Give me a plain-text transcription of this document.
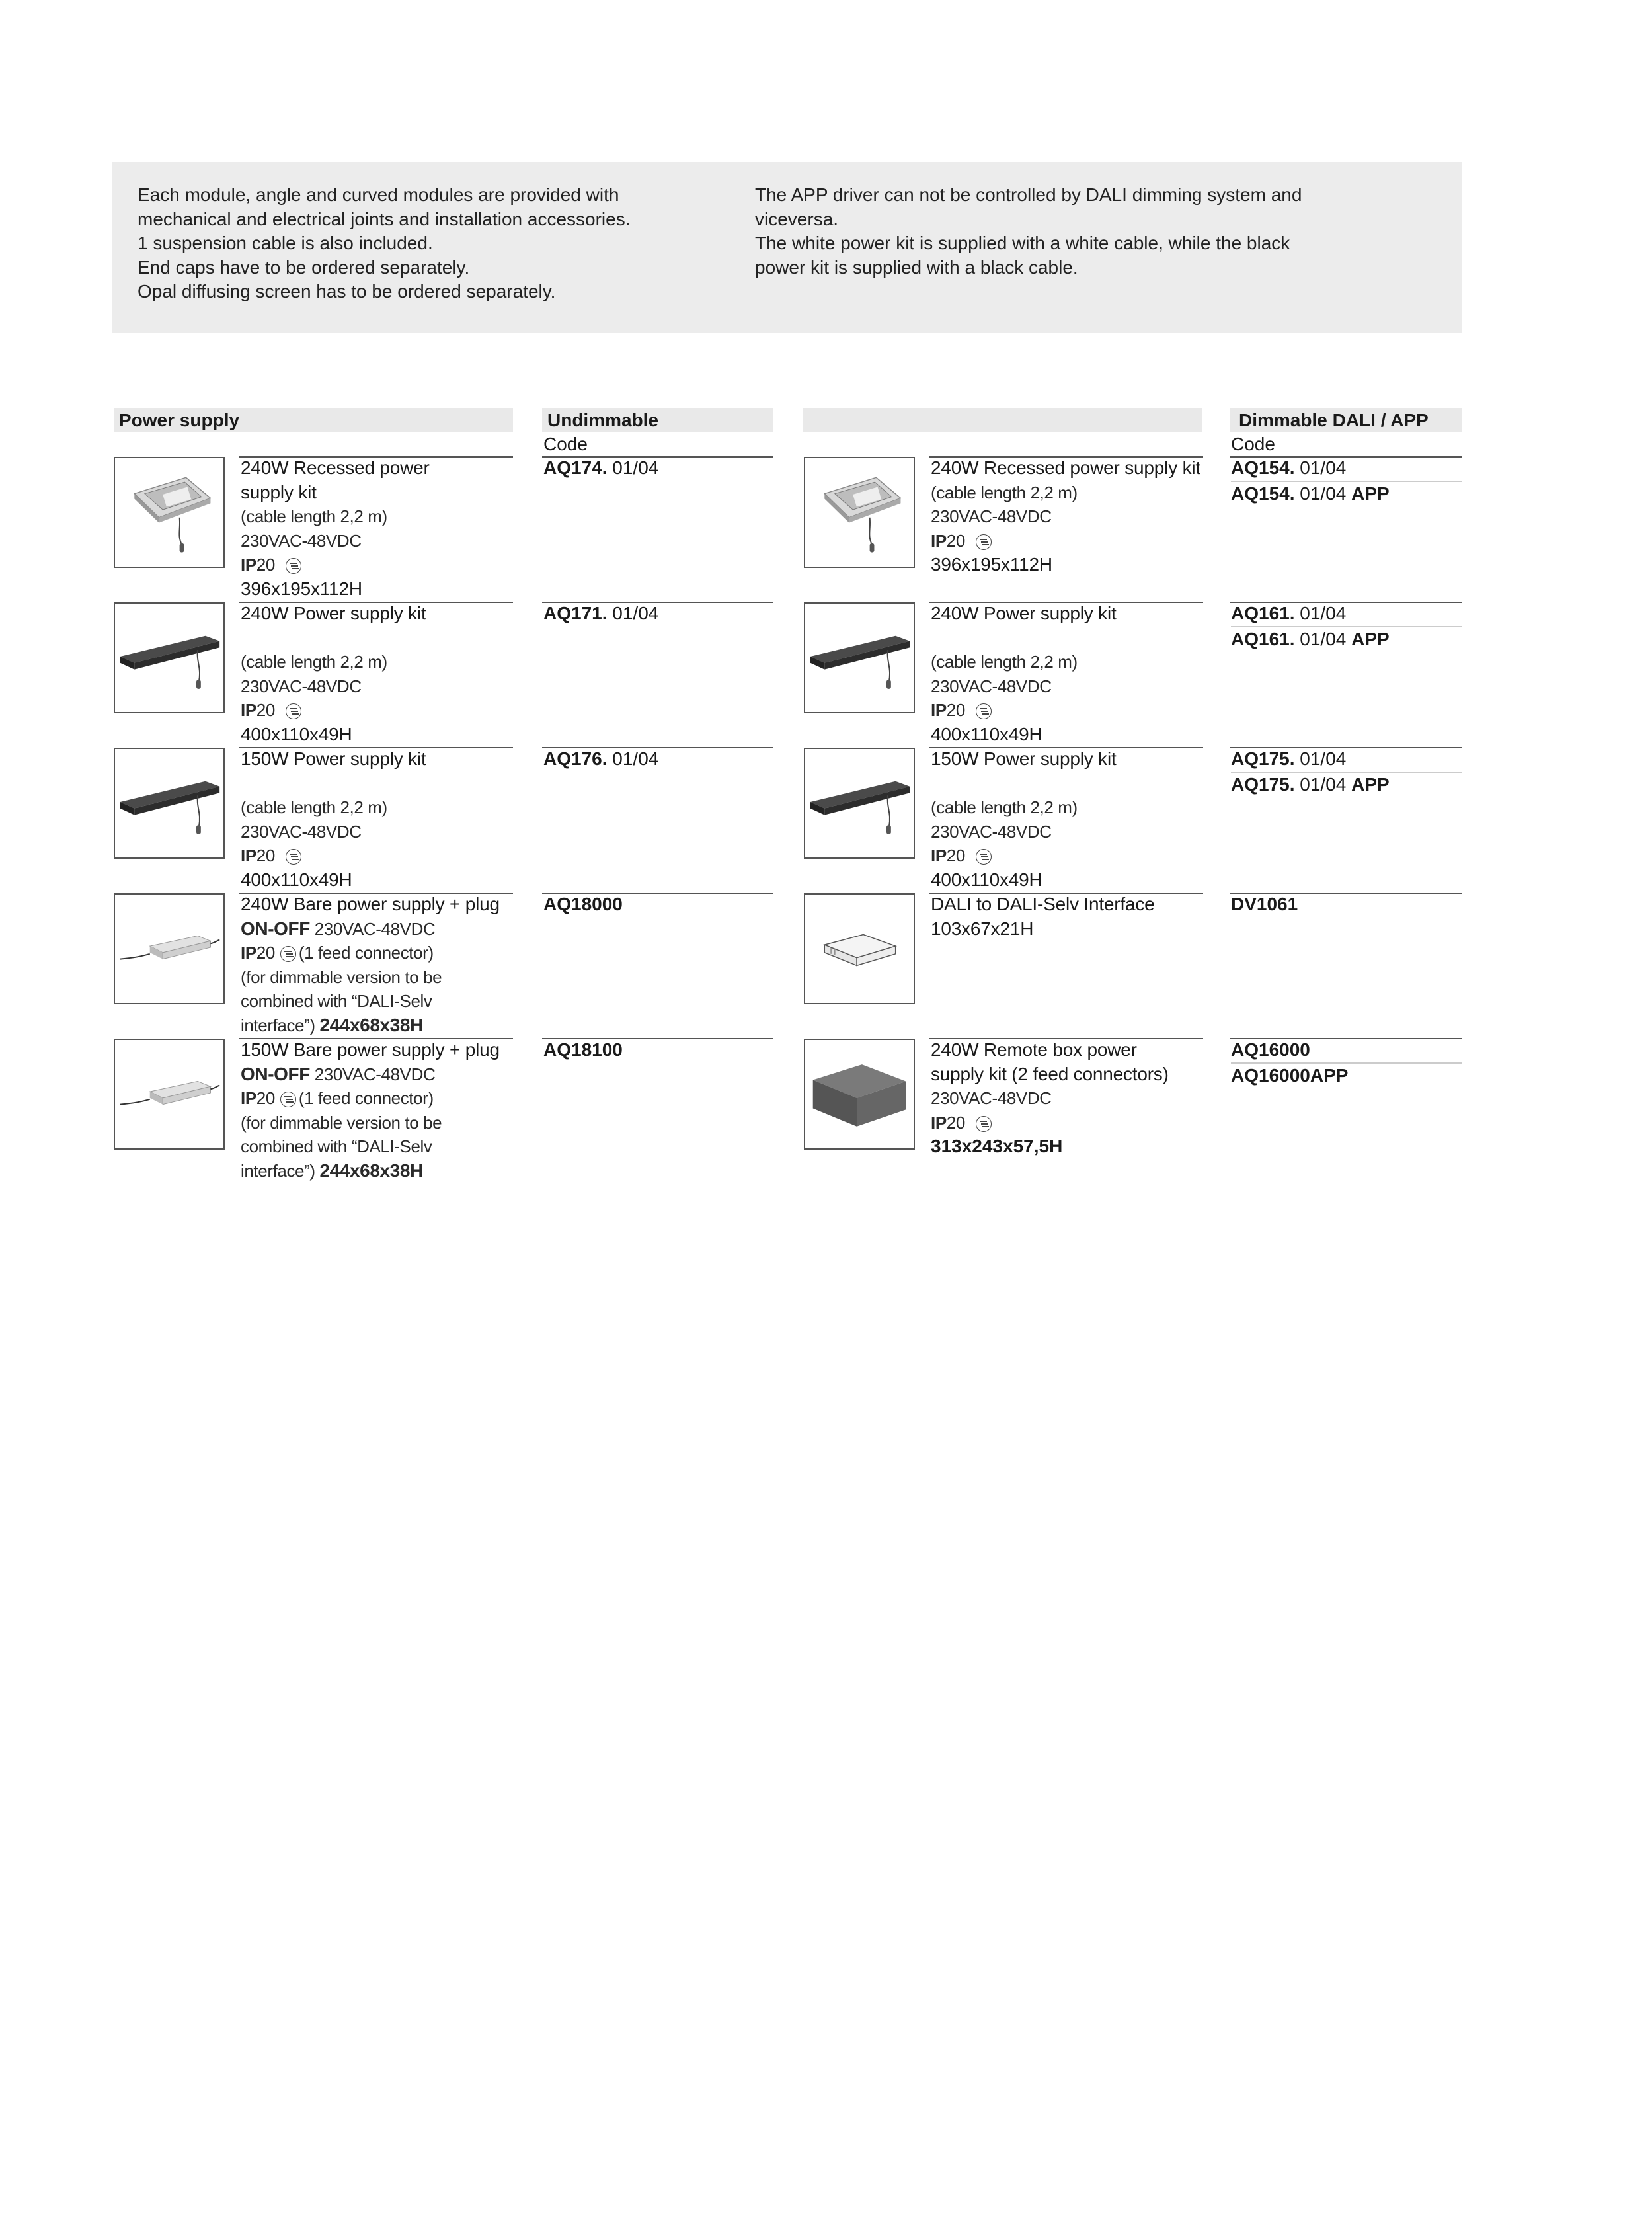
Each module, angle and curved modules are provided with

mechanical and electrical joints and installation accessories.

1 suspension cable is also included.

End caps have to be ordered separately.

Opal diffusing screen has to be ordered separately.

The APP driver can not be controlled by DALI dimming system and

viceversa.

The white power kit is supplied with a white cable, while the black

power kit is supplied with a black cable.

Power supply	Undimmable	Dimmable DALI / APP
Code	Code
240W Recessed power
supply kit
(cable length 2,2 m)
230VAC-48VDC
IP20
396x195x112H
AQ174. 01/04
240W Power supply kit
(cable length 2,2 m)
230VAC-48VDC
IP20
400x110x49H
AQ171. 01/04
150W Power supply kit
(cable length 2,2 m)
230VAC-48VDC
IP20
400x110x49H
AQ176. 01/04
240W Bare power supply + plug
ON-OFF 230VAC-48VDC
IP20 (1 feed connector)
(for dimmable version to be
combined with “DALI-Selv
interface”) 244x68x38H
AQ18000
150W Bare power supply + plug
ON-OFF 230VAC-48VDC
IP20 (1 feed connector)
(for dimmable version to be
combined with “DALI-Selv
interface”) 244x68x38H
AQ18100
240W Recessed power supply kit
(cable length 2,2 m)
230VAC-48VDC
IP20
396x195x112H
AQ154. 01/04
AQ154. 01/04 APP
240W Power supply kit
(cable length 2,2 m)
230VAC-48VDC
IP20
400x110x49H
AQ161. 01/04
AQ161. 01/04 APP
150W Power supply kit
(cable length 2,2 m)
230VAC-48VDC
IP20
400x110x49H
AQ175. 01/04
AQ175. 01/04 APP
DALI to DALI-Selv Interface
103x67x21H
DV1061
240W Remote box power
supply kit (2 feed connectors)
230VAC-48VDC
IP20
313x243x57,5H
AQ16000
AQ16000APP
